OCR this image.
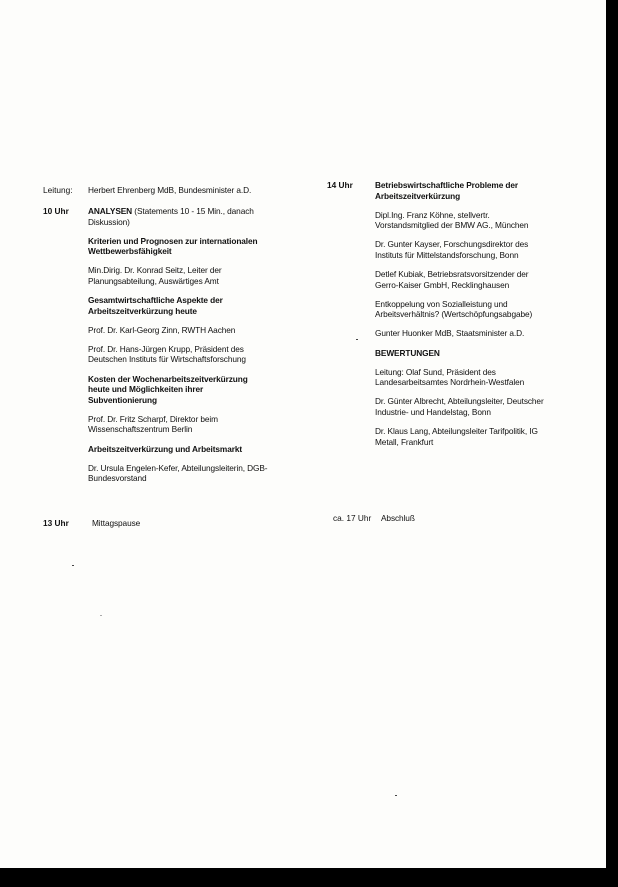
Leitung: Herbert Ehrenberg MdB, Bundesminister a.D.
10 Uhr ANALYSEN (Statements 10 - 15 Min., danach Diskussion)
Kriterien und Prognosen zur internationalen Wettbewerbsfähigkeit
Min.Dirig. Dr. Konrad Seitz, Leiter der Planungsabteilung, Auswärtiges Amt
Gesamtwirtschaftliche Aspekte der Arbeitszeitverkürzung heute
Prof. Dr. Karl-Georg Zinn, RWTH Aachen
Prof. Dr. Hans-Jürgen Krupp, Präsident des Deutschen Instituts für Wirtschaftsforschung
Kosten der Wochenarbeitszeitverkürzung heute und Möglichkeiten ihrer Subventionierung
Prof. Dr. Fritz Scharpf, Direktor beim Wissenschaftszentrum Berlin
Arbeitszeitverkürzung und Arbeitsmarkt
Dr. Ursula Engelen-Kefer, Abteilungsleiterin, DGB-Bundesvorstand
13 Uhr	Mittagspause
14 Uhr	Betriebswirtschaftliche Probleme der Arbeitszeitverkürzung
Dipl.Ing. Franz Köhne, stellvertr. Vorstandsmitglied der BMW AG., München
Dr. Gunter Kayser, Forschungsdirektor des Instituts für Mittelstandsforschung, Bonn
Detlef Kubiak, Betriebsratsvorsitzender der Gerro-Kaiser GmbH, Recklinghausen
Entkoppelung von Sozialleistung und Arbeitsverhältnis? (Wertschöpfungsabgabe)
Gunter Huonker MdB, Staatsminister a.D.
BEWERTUNGEN
Leitung: Olaf Sund, Präsident des Landesarbeitsamtes Nordrhein-Westfalen
Dr. Günter Albrecht, Abteilungsleiter, Deutscher Industrie- und Handelstag, Bonn
Dr. Klaus Lang, Abteilungsleiter Tarifpolitik, IG Metall, Frankfurt
ca. 17 Uhr Abschluß
